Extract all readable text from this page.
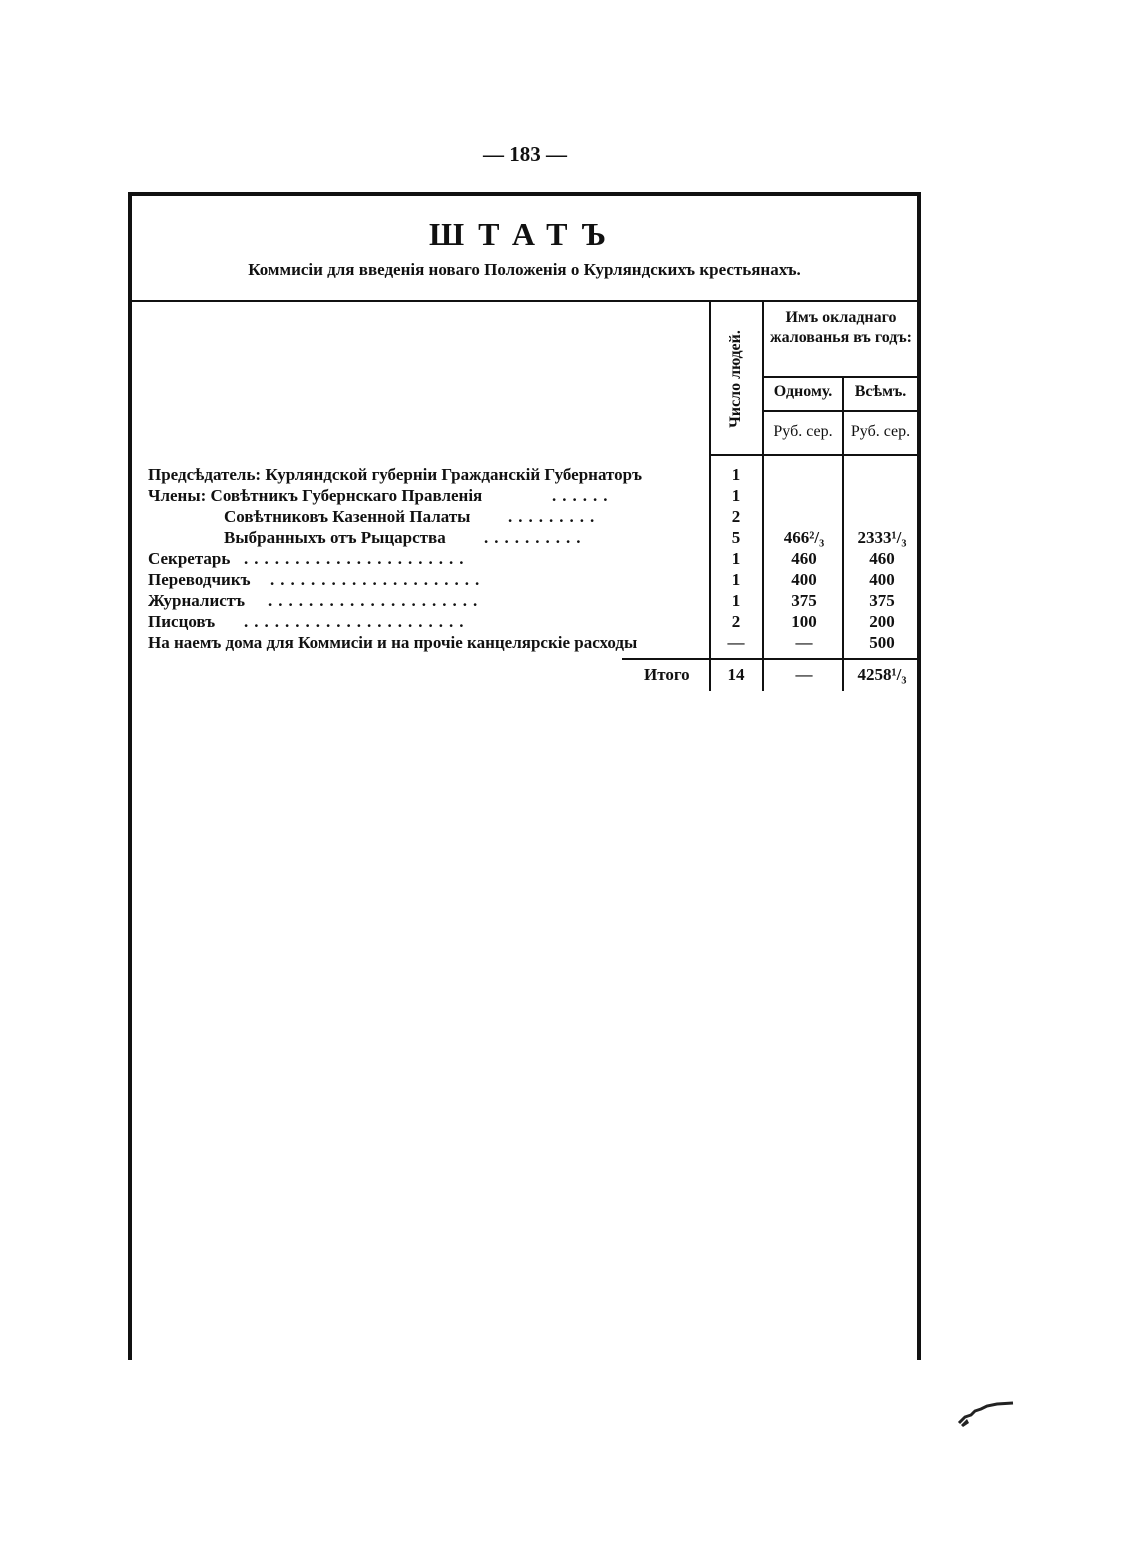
— 183 —
ШТАТЪ
Коммисіи для введенія новаго Положенія о Курляндскихъ крестьянахъ.
Число людей.
Имъ окладнаго жалованья въ годъ:
Одному.	Всѣмъ.
Руб. сер.	Руб. сер.
Предсѣдатель: Курляндской губерніи Гражданскій Губернаторъ	1
Члены: Совѣтникъ Губернскаго Правленія	......	1
Совѣтниковъ Казенной Палаты .........	2
Выбранныхъ отъ Рыцарства ..........	5	466²/₃	2333¹/₃
Секретарь ......................	1	460	460
Переводчикъ .....................	1	400	400
Журналистъ .....................	1	375	375
Писцовъ ......................	2	100	200
На наемъ дома для Коммисіи и на прочіе канцелярскіе расходы	—	—	500
Итого	14	—	4258¹/₃
